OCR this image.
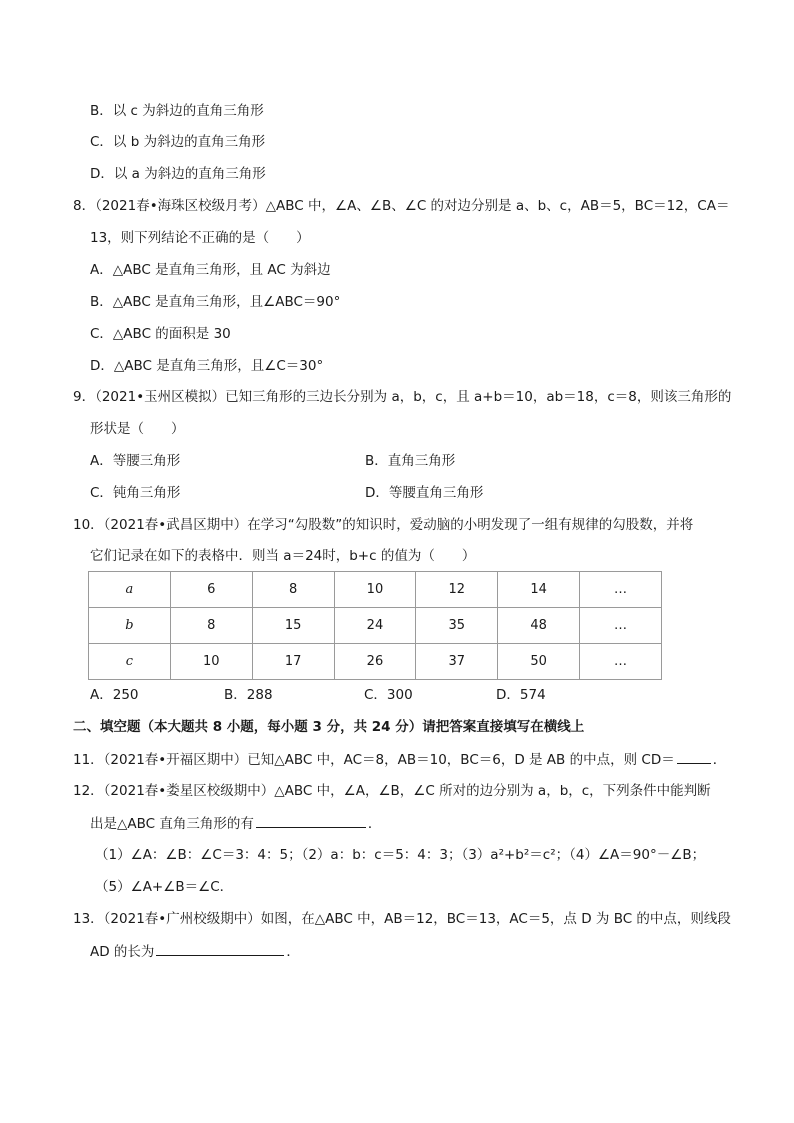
B．以 c 为斜边的直角三角形
C．以 b 为斜边的直角三角形
D．以 a 为斜边的直角三角形
8．（2021春•海珠区校级月考）△ABC 中，∠A、∠B、∠C 的对边分别是 a、b、c，AB＝5，BC＝12，CA＝
13，则下列结论不正确的是（　　）
A．△ABC 是直角三角形，且 AC 为斜边
B．△ABC 是直角三角形，且∠ABC＝90°
C．△ABC 的面积是 30
D．△ABC 是直角三角形，且∠C＝30°
9．（2021•玉州区模拟）已知三角形的三边长分别为 a，b，c，且 a+b＝10，ab＝18，c＝8，则该三角形的
形状是（　　）
A．等腰三角形	B．直角三角形
C．钝角三角形	D．等腰直角三角形
10．（2021春•武昌区期中）在学习“勾股数”的知识时，爱动脑的小明发现了一组有规律的勾股数，并将
它们记录在如下的表格中．则当 a＝24时，b+c 的值为（　　）
a	6	8	10	12	14	…
b	8	15	24	35	48	…
c	10	17	26	37	50	…
A．250	B．288	C．300	D．574
二、填空题（本大题共 8 小题，每小题 3 分，共 24 分）请把答案直接填写在横线上
11．（2021春•开福区期中）已知△ABC 中，AC＝8，AB＝10，BC＝6，D 是 AB 的中点，则 CD＝	．
12．（2021春•娄星区校级期中）△ABC 中，∠A，∠B，∠C 所对的边分别为 a，b，c，下列条件中能判断
出是△ABC 直角三角形的有	．
（1）∠A：∠B：∠C＝3：4：5；（2）a：b：c＝5：4：3；（3）a²+b²＝c²；（4）∠A＝90°－∠B；
（5）∠A+∠B＝∠C．
13．（2021春•广州校级期中）如图，在△ABC 中，AB＝12，BC＝13，AC＝5，点 D 为 BC 的中点，则线段
AD 的长为	．
